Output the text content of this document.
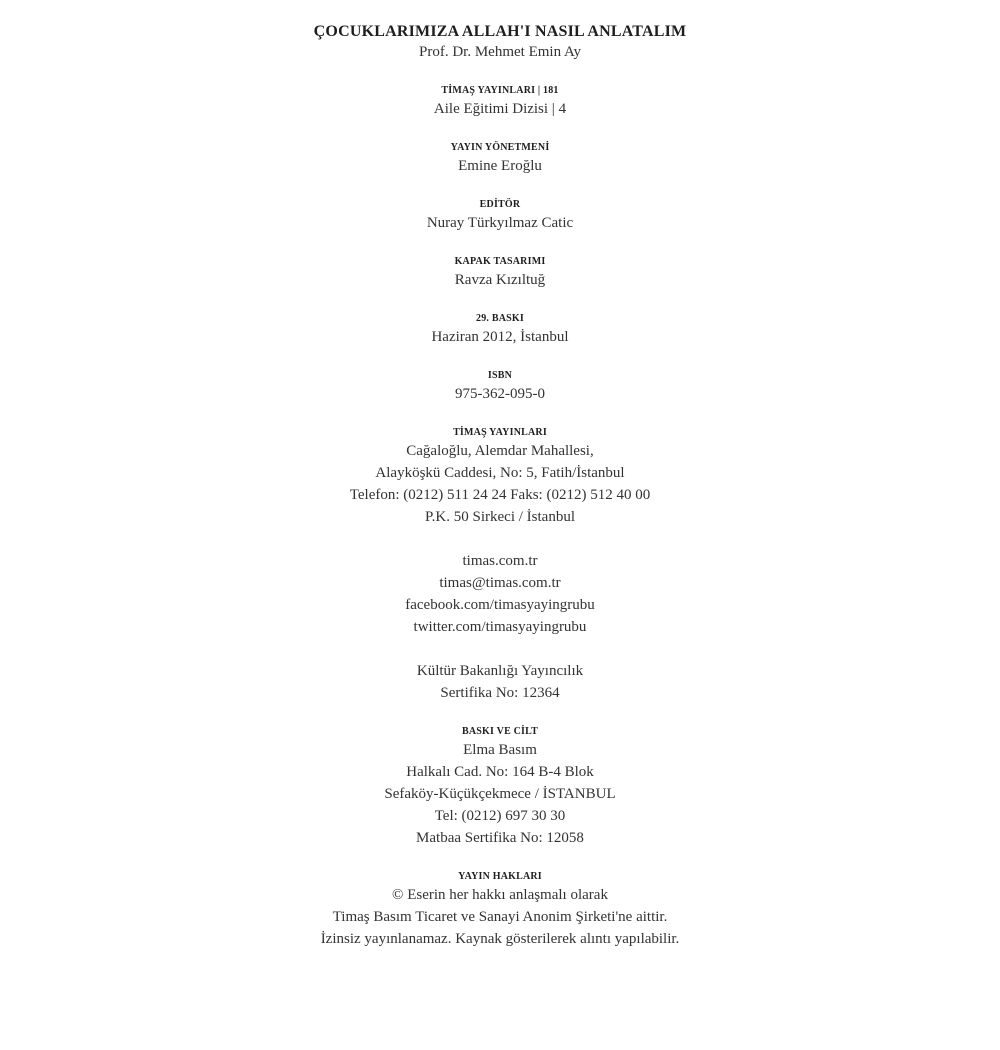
ÇOCUKLARIMIZA ALLAH'I NASIL ANLATALIM
Prof. Dr. Mehmet Emin Ay
TİMAŞ YAYINLARI | 181
Aile Eğitimi Dizisi | 4
YAYIN YÖNETMENİ
Emine Eroğlu
EDİTÖR
Nuray Türkyılmaz Catic
KAPAK TASARIMI
Ravza Kızıltuğ
29. BASKI
Haziran 2012, İstanbul
ISBN
975-362-095-0
TİMAŞ YAYINLARI
Cağaloğlu, Alemdar Mahallesi,
Alayköşkü Caddesi, No: 5, Fatih/İstanbul
Telefon: (0212) 511 24 24 Faks: (0212) 512 40 00
P.K. 50 Sirkeci / İstanbul
timas.com.tr
timas@timas.com.tr
facebook.com/timasyayingrubu
twitter.com/timasyayingrubu
Kültür Bakanlığı Yayıncılık
Sertifika No: 12364
BASKI VE CİLT
Elma Basım
Halkalı Cad. No: 164 B-4 Blok
Sefaköy-Küçükçekmece / İSTANBUL
Tel: (0212) 697 30 30
Matbaa Sertifika No: 12058
YAYIN HAKLARI
© Eserin her hakkı anlaşmalı olarak
Timaş Basım Ticaret ve Sanayi Anonim Şirketi'ne aittir.
İzinsiz yayınlanamaz. Kaynak gösterilerek alıntı yapılabilir.
